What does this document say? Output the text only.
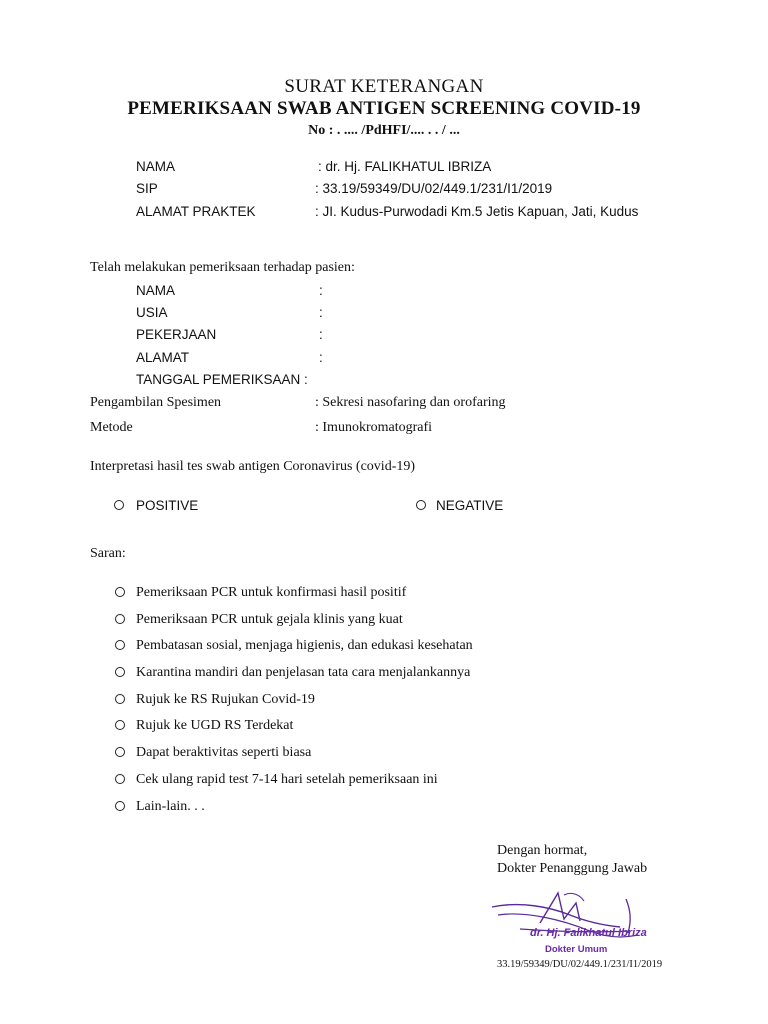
SURAT KETERANGAN
PEMERIKSAAN SWAB ANTIGEN SCREENING COVID-19
No : . .... /PdHFI/.... . . / ...
NAMA	: dr. Hj. FALIKHATUL IBRIZA
SIP	: 33.19/59349/DU/02/449.1/231/I1/2019
ALAMAT PRAKTEK	: JI. Kudus-Purwodadi Km.5 Jetis Kapuan, Jati, Kudus
Telah melakukan pemeriksaan terhadap pasien:
NAMA	:
USIA	:
PEKERJAAN	:
ALAMAT	:
TANGGAL PEMERIKSAAN :
Pengambilan Spesimen	: Sekresi nasofaring dan orofaring
Metode	: Imunokromatografi
Interpretasi hasil tes swab antigen Coronavirus (covid-19)
POSITIVE	NEGATIVE
Saran:
Pemeriksaan PCR untuk konfirmasi hasil positif
Pemeriksaan PCR untuk gejala klinis yang kuat
Pembatasan sosial, menjaga higienis, dan edukasi kesehatan
Karantina mandiri dan penjelasan tata cara menjalankannya
Rujuk ke RS Rujukan Covid-19
Rujuk ke UGD RS Terdekat
Dapat beraktivitas seperti biasa
Cek ulang rapid test 7-14 hari setelah pemeriksaan ini
Lain-lain. . .
Dengan hormat,
Dokter Penanggung Jawab
dr. Hj. Falikhatul Ibriza
Dokter Umum
33.19/59349/DU/02/449.1/231/I1/2019
